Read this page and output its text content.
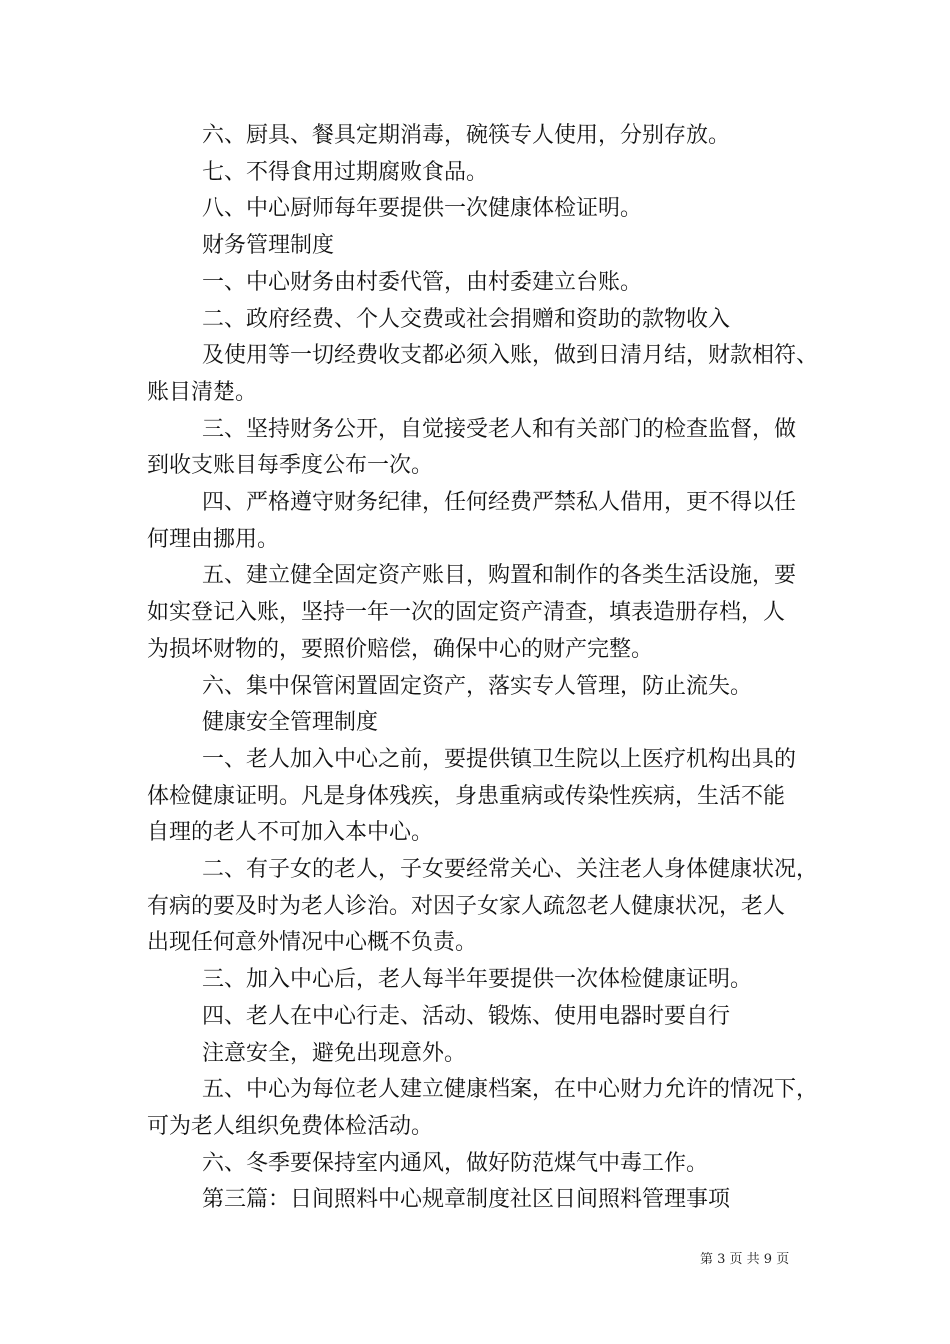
六、厨具、餐具定期消毒，碗筷专人使用，分别存放。

七、不得食用过期腐败食品。

八、中心厨师每年要提供一次健康体检证明。

财务管理制度

一、中心财务由村委代管，由村委建立台账。

二、政府经费、个人交费或社会捐赠和资助的款物收入

及使用等一切经费收支都必须入账，做到日清月结，财款相符、

账目清楚。

三、坚持财务公开，自觉接受老人和有关部门的检查监督，做

到收支账目每季度公布一次。

四、严格遵守财务纪律，任何经费严禁私人借用，更不得以任

何理由挪用。

五、建立健全固定资产账目，购置和制作的各类生活设施，要

如实登记入账，坚持一年一次的固定资产清查，填表造册存档，人

为损坏财物的，要照价赔偿，确保中心的财产完整。

六、集中保管闲置固定资产，落实专人管理，防止流失。

健康安全管理制度

一、老人加入中心之前，要提供镇卫生院以上医疗机构出具的

体检健康证明。凡是身体残疾，身患重病或传染性疾病，生活不能

自理的老人不可加入本中心。

二、有子女的老人，子女要经常关心、关注老人身体健康状况，

有病的要及时为老人诊治。对因子女家人疏忽老人健康状况，老人

出现任何意外情况中心概不负责。

三、加入中心后，老人每半年要提供一次体检健康证明。

四、老人在中心行走、活动、锻炼、使用电器时要自行

注意安全，避免出现意外。

五、中心为每位老人建立健康档案，在中心财力允许的情况下，

可为老人组织免费体检活动。

六、冬季要保持室内通风，做好防范煤气中毒工作。

第三篇：日间照料中心规章制度社区日间照料管理事项

第 3 页 共 9 页
